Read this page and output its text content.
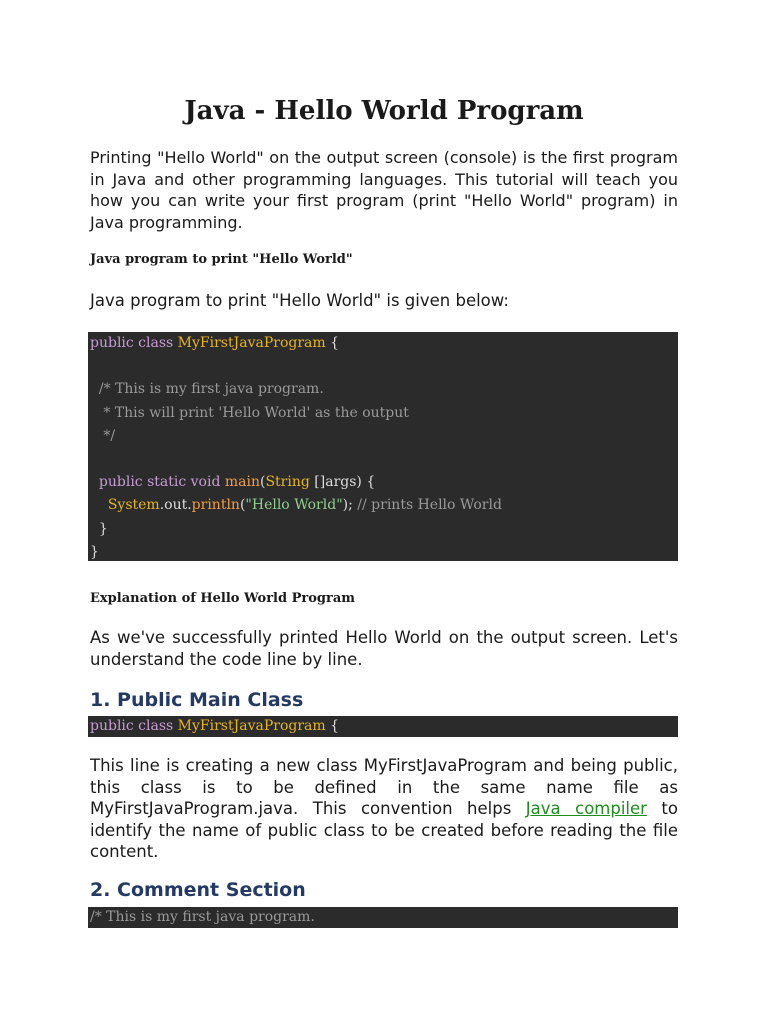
Java - Hello World Program

Printing "Hello World" on the output screen (console) is the first program in Java and other programming languages. This tutorial will teach you how you can write your first program (print "Hello World" program) in Java programming.

Java program to print "Hello World"

Java program to print "Hello World" is given below:

public class MyFirstJavaProgram {

/* This is my first java program.
* This will print 'Hello World' as the output
*/

public static void main(String []args) {
System.out.println("Hello World"); // prints Hello World
}
}

Explanation of Hello World Program

As we've successfully printed Hello World on the output screen. Let's understand the code line by line.

1. Public Main Class
public class MyFirstJavaProgram {

This line is creating a new class MyFirstJavaProgram and being public, this class is to be defined in the same name file as MyFirstJavaProgram.java. This convention helps Java compiler to identify the name of public class to be created before reading the file content.

2. Comment Section
/* This is my first java program.
